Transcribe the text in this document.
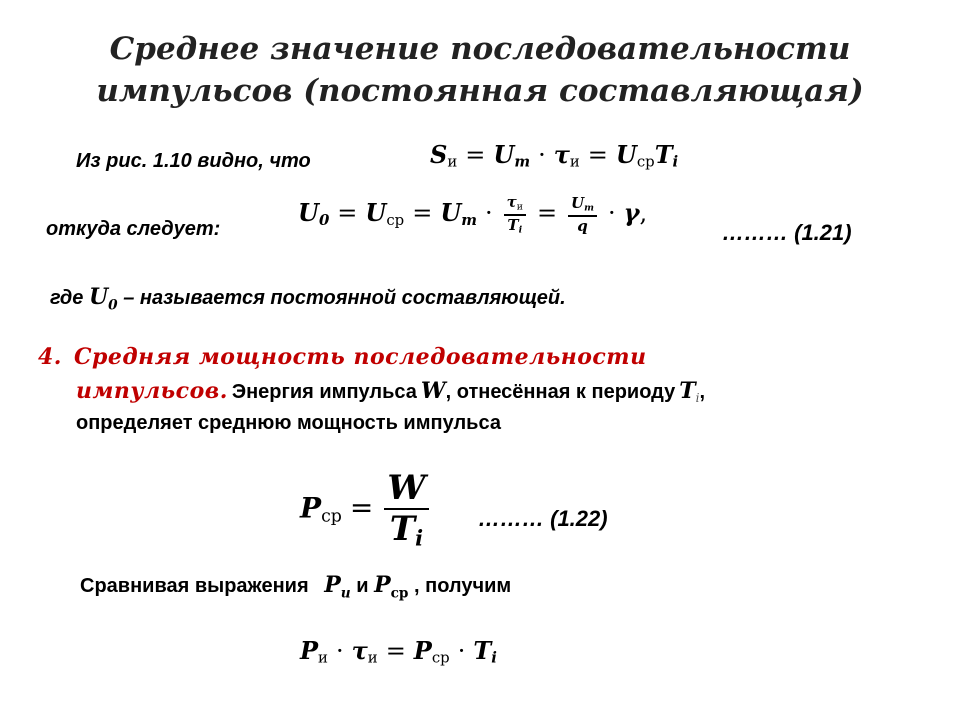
Среднее значение последовательности
импульсов (постоянная составляющая)
Из рис. 1.10 видно, что	$S_и = U_m \cdot \tau_и = U_{ср}T_i$
откуда следует:
$U_0 = U_{ср} = U_m \cdot \frac{\tau_и}{T_i} = \frac{U_m}{q} \cdot \gamma$,
……… (1.21)
где $U_0$ – называется постоянной составляющей.
4. Средняя мощность последовательности
импульсов. Энергия импульса W, отнесённая к периоду $T_i$,
определяет среднюю мощность импульса
$P_{ср} = \frac{W}{T_i}$ ……… (1.22)
Сравнивая выражения $P_и$ и $P_{ср}$ , получим
$P_и \cdot \tau_и = P_{ср} \cdot T_i$
